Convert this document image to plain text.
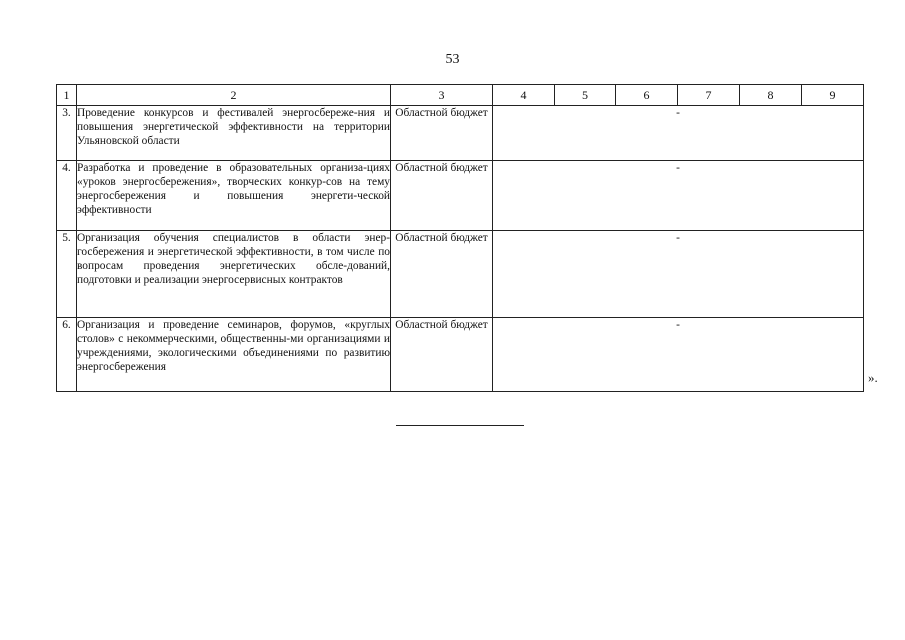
53
1	2	3	4	5	6	7	8	9
3.	Проведение конкурсов и фестивалей энергосбереже-ния и повышения энергетической эффективности на территории Ульяновской области	Областной бюджет	-					
4.	Разработка и проведение в образовательных организа-циях «уроков энергосбережения», творческих конкур-сов на тему энергосбережения и повышения энергети-ческой эффективности	Областной бюджет	-					
5.	Организация обучения специалистов в области энер-госбережения и энергетической эффективности, в том числе по вопросам проведения энергетических обсле-дований, подготовки и реализации энергосервисных контрактов	Областной бюджет	-					
6.	Организация и проведение семинаров, форумов, «круглых столов» с некоммерческими, общественны-ми организациями и учреждениями, экологическими объединениями по развитию энергосбережения	Областной бюджет	-					
».
